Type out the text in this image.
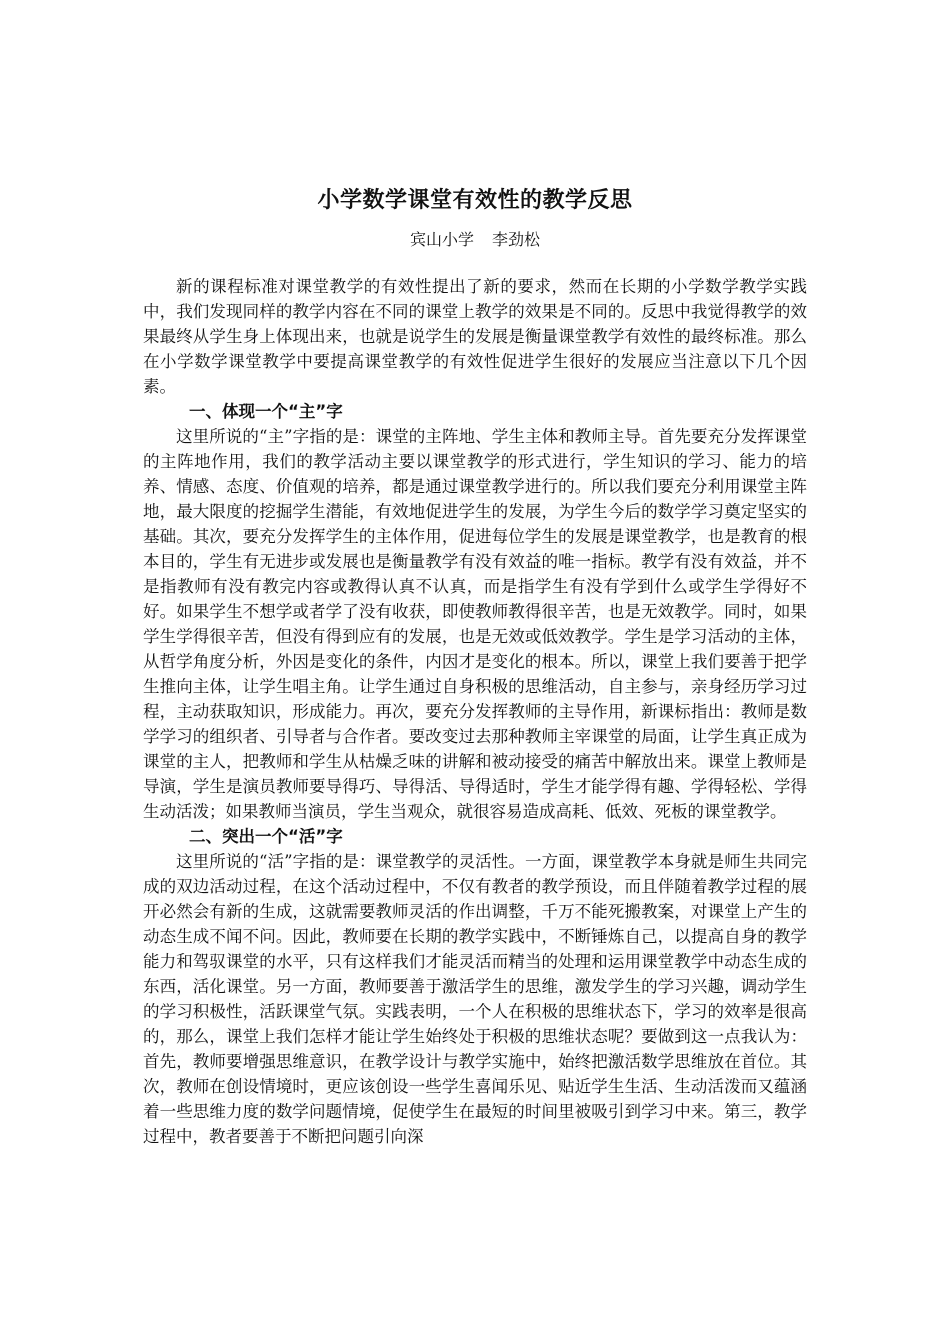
小学数学课堂有效性的教学反思
宾山小学 李劲松

新的课程标准对课堂教学的有效性提出了新的要求，然而在长期的小学数学教学实践中，我们发现同样的教学内容在不同的课堂上教学的效果是不同的。反思中我觉得教学的效果最终从学生身上体现出来，也就是说学生的发展是衡量课堂教学有效性的最终标准。那么在小学数学课堂教学中要提高课堂教学的有效性促进学生很好的发展应当注意以下几个因素。

一、体现一个“主”字

这里所说的“主”字指的是：课堂的主阵地、学生主体和教师主导。首先要充分发挥课堂的主阵地作用，我们的教学活动主要以课堂教学的形式进行，学生知识的学习、能力的培养、情感、态度、价值观的培养，都是通过课堂教学进行的。所以我们要充分利用课堂主阵地，最大限度的挖掘学生潜能，有效地促进学生的发展，为学生今后的数学学习奠定坚实的基础。其次，要充分发挥学生的主体作用，促进每位学生的发展是课堂教学，也是教育的根本目的，学生有无进步或发展也是衡量教学有没有效益的唯一指标。教学有没有效益，并不是指教师有没有教完内容或教得认真不认真，而是指学生有没有学到什么或学生学得好不好。如果学生不想学或者学了没有收获，即使教师教得很辛苦，也是无效教学。同时，如果学生学得很辛苦，但没有得到应有的发展，也是无效或低效教学。学生是学习活动的主体，从哲学角度分析，外因是变化的条件，内因才是变化的根本。所以，课堂上我们要善于把学生推向主体，让学生唱主角。让学生通过自身积极的思维活动，自主参与，亲身经历学习过程，主动获取知识，形成能力。再次，要充分发挥教师的主导作用，新课标指出：教师是数学学习的组织者、引导者与合作者。要改变过去那种教师主宰课堂的局面，让学生真正成为课堂的主人，把教师和学生从枯燥乏味的讲解和被动接受的痛苦中解放出来。课堂上教师是导演，学生是演员教师要导得巧、导得活、导得适时，学生才能学得有趣、学得轻松、学得生动活泼；如果教师当演员，学生当观众，就很容易造成高耗、低效、死板的课堂教学。

二、突出一个“活”字

这里所说的“活”字指的是：课堂教学的灵活性。一方面，课堂教学本身就是师生共同完成的双边活动过程，在这个活动过程中，不仅有教者的教学预设，而且伴随着教学过程的展开必然会有新的生成，这就需要教师灵活的作出调整，千万不能死搬教案，对课堂上产生的动态生成不闻不问。因此，教师要在长期的教学实践中，不断锤炼自己，以提高自身的教学能力和驾驭课堂的水平，只有这样我们才能灵活而精当的处理和运用课堂教学中动态生成的东西，活化课堂。另一方面，教师要善于激活学生的思维，激发学生的学习兴趣，调动学生的学习积极性，活跃课堂气氛。实践表明，一个人在积极的思维状态下，学习的效率是很高的，那么，课堂上我们怎样才能让学生始终处于积极的思维状态呢？要做到这一点我认为：首先，教师要增强思维意识，在教学设计与教学实施中，始终把激活数学思维放在首位。其次，教师在创设情境时，更应该创设一些学生喜闻乐见、贴近学生生活、生动活泼而又蕴涵着一些思维力度的数学问题情境，促使学生在最短的时间里被吸引到学习中来。第三，教学过程中，教者要善于不断把问题引向深
